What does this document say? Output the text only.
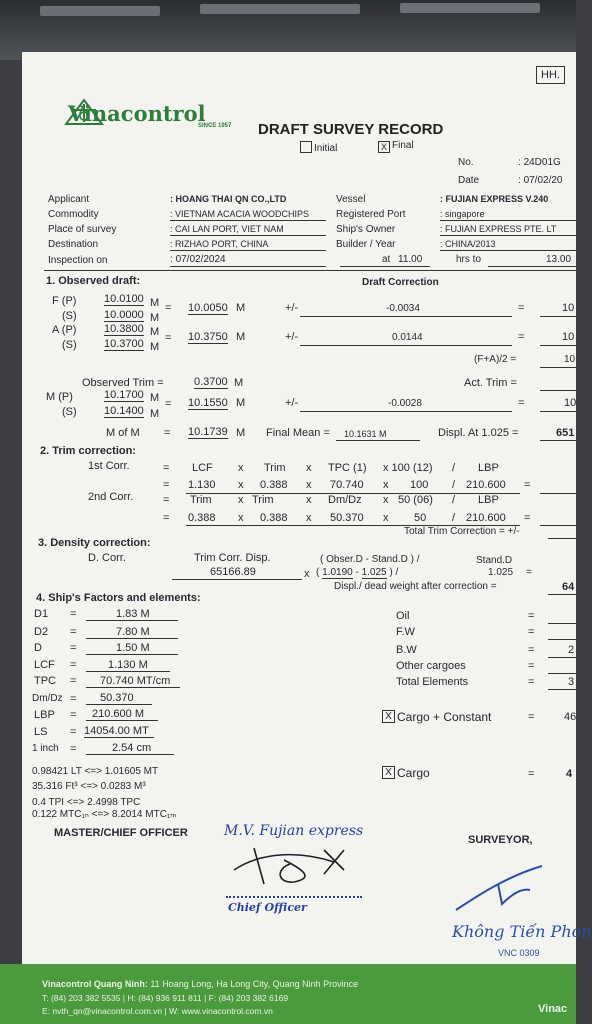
HH.
Vinacontrol
SINCE 1957 DRAFT SURVEY RECORD
Initial	X Final
No.	: 24D01G
Date	: 07/02/20
Applicant	: HOANG THAI QN CO.,LTD
Commodity	: VIETNAM ACACIA WOODCHIPS
Place of survey	: CAI LAN PORT, VIET NAM
Destination	: RIZHAO PORT, CHINA
Inspection on	: 07/02/2024
Vessel	: FUJIAN EXPRESS V.240
Registered Port	: singapore
Ship's Owner	: FUJIAN EXPRESS PTE. LT
Builder / Year	: CHINA/2013
at 11.00	hrs to	13.00
1. Observed draft:	Draft Correction
F (P)	10.0100 M
(S) 10.0000 M
= 10.0050 M	+/-	-0.0034	=	10
A (P)	10.3800 M
(S) 10.3700 M
= 10.3750 M	+/-	0.0144	=	10
(F+A)/2 =	10
Observed Trim =	0.3700 M	Act. Trim =
M (P)	10.1700 M
(S) 10.1400 M
= 10.1550 M	+/-	-0.0028	=	10
M of M = 10.1739 M Final Mean = 10.1631 M	Displ. At 1.025 =	651
2. Trim correction:
1st Corr.
2nd Corr.
= LCF x Trim x TPC (1) x 100 (12) / LBP
= 1.130 x 0.388 x 70.740 x 100 / 210.600 =
= Trim x Trim	x Dm/Dz x 50 (06) / LBP
= 0.388 x 0.388 x 50.370 x 50 / 210.600 =
Total Trim Correction = +/-
3. Density correction:
D. Corr.	Trim Corr. Disp.
65166.89	x
( Obser.D - Stand.D ) /	Stand.D
( 1.0190 - 1.025 ) /	1.025 =
Displ./ dead weight after correction =	64
4. Ship's Factors and elements:
D1 =	1.83 M
D2 =	7.80 M
D	=	1.50 M
LCF =	1.130 M
TPC =	70.740 MT/cm
Dm/Dz =	50.370
LBP =	210.600 M
LS = 14054.00 MT
1 inch =	2.54 cm
0.98421 LT <=> 1.01605 MT
35.316 Ft³ <=> 0.0283 M³
0.4 TPI <=> 2.4998 TPC
0.122 MTC₁ₙ <=> 8.2014 MTC₁ₘ
Oil	=
F.W	=
B.W	=	2
Other cargoes	=
Total Elements	=	3
X Cargo + Constant	=	46
X Cargo	=	4
MASTER/CHIEF OFFICER	M.V. Fujian express
Chief Officer
SURVEYOR,
Không Tiến Phon
VNC 0309
Vinacontrol Quang Ninh: 11 Hoang Long, Ha Long City, Quang Ninh Province
T: (84) 203 382 5535 | H: (84) 936 911 811 | F: (84) 203 382 6169
E: nvth_qn@vinacontrol.com.vn | W: www.vinacontrol.com.vn	Vinac
